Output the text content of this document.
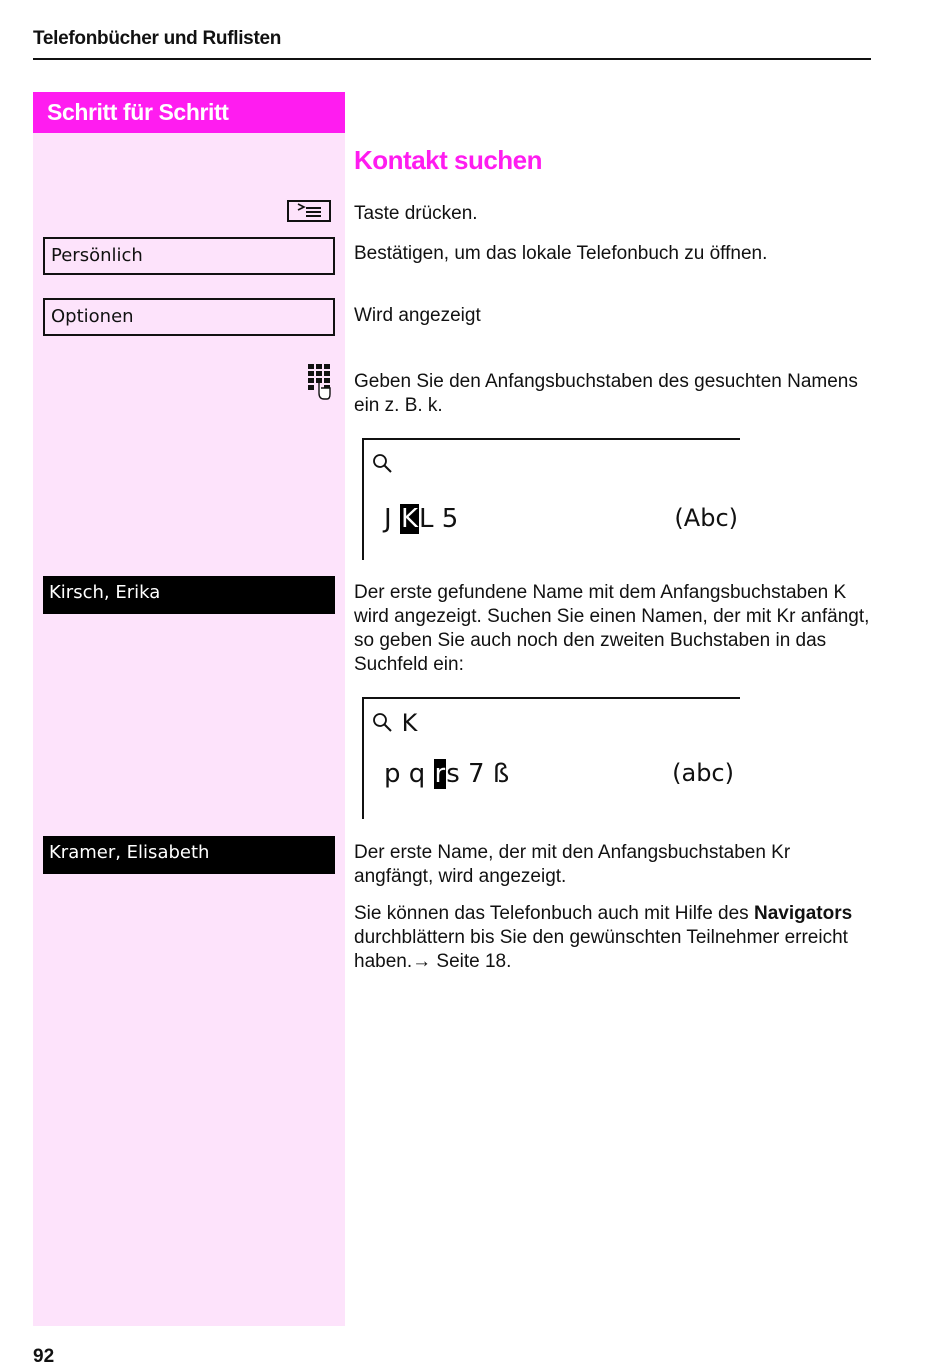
Telefonbücher und Ruflisten
Schritt für Schritt
Kontakt suchen
Taste drücken.
Persönlich	Bestätigen, um das lokale Telefonbuch zu öffnen.
Optionen	Wird angezeigt
Geben Sie den Anfangsbuchstaben des gesuchten Namens ein z. B. k.
J KL 5	(Abc)
Kirsch, Erika	Der erste gefundene Name mit dem Anfangsbuchstaben K wird angezeigt. Suchen Sie einen Namen, der mit Kr anfängt, so geben Sie auch noch den zweiten Buchstaben in das Suchfeld ein:
K
p q rs 7 ß	(abc)
Kramer, Elisabeth	Der erste Name, der mit den Anfangsbuchstaben Kr angfängt, wird angezeigt.
Sie können das Telefonbuch auch mit Hilfe des Navigators durchblättern bis Sie den gewünschten Teilnehmer erreicht haben.→ Seite 18.
92
